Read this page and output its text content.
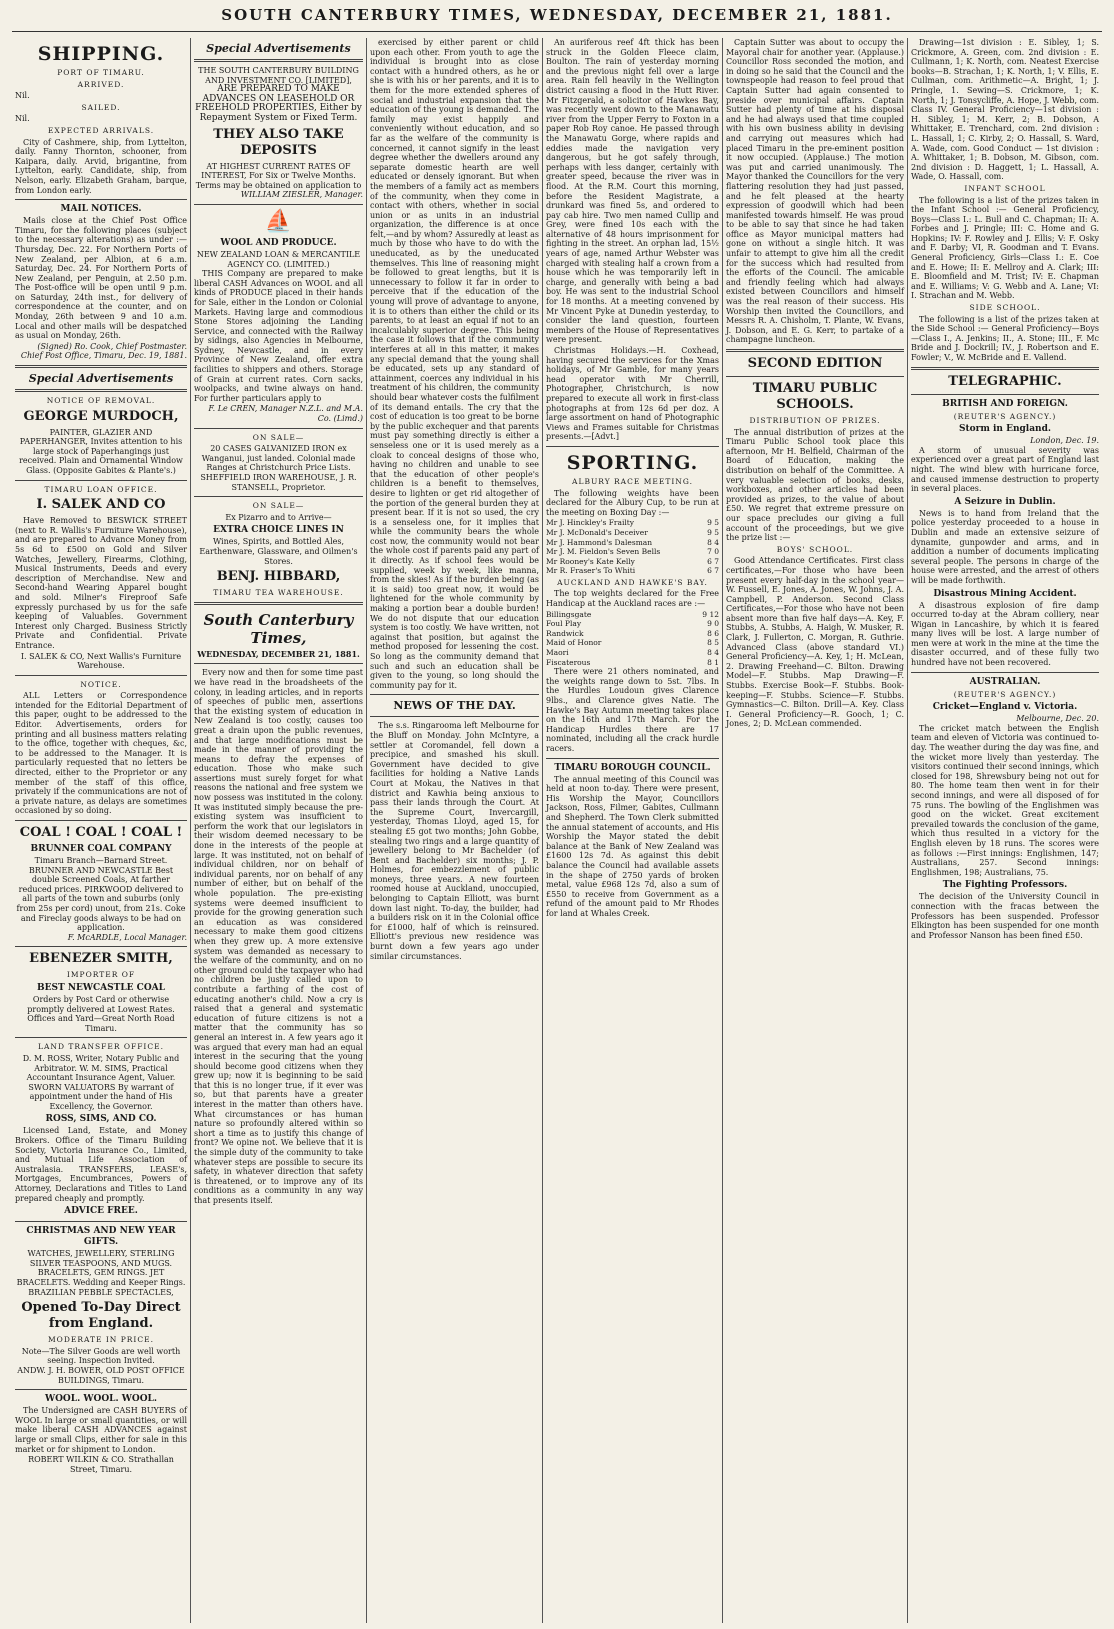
SOUTH CANTERBURY TIMES, WEDNESDAY, DECEMBER 21, 1881.
SHIPPING.
PORT OF TIMARU.
ARRIVED.
Nil.
SAILED.
Nil.
EXPECTED ARRIVALS.

City of Cashmere, ship, from Lyttelton, daily. Fanny Thornton, schooner, from Kaipara, daily. Arvid, brigantine, from Lyttelton, early. Candidate, ship, from Nelson, early. Elizabeth Graham, barque, from London early.

MAIL NOTICES.

Mails close at the Chief Post Office Timaru, for the following places (subject to the necessary alterations) as under :— Thursday, Dec. 22. For Northern Ports of New Zealand, per Albion, at 6 a.m. Saturday, Dec. 24. For Northern Ports of New Zealand, per Penguin, at 2.50 p.m. The Post-office will be open until 9 p.m. on Saturday, 24th inst., for delivery of correspondence at the counter, and on Monday, 26th between 9 and 10 a.m. Local and other mails will be despatched as usual on Monday, 26th.

(Signed) Ro. Cook, Chief Postmaster. Chief Post Office, Timaru, Dec. 19, 1881.
Special Advertisements
NOTICE OF REMOVAL.
GEORGE MURDOCH,
PAINTER, GLAZIER AND PAPERHANGER, Invites attention to his large stock of Paperhangings just received. Plain and Ornamental Window Glass. (Opposite Gabites & Plante's.)
TIMARU LOAN OFFICE.
I. SALEK AND CO

Have Removed to BESWICK STREET (next to R. Wallis's Furniture Warehouse), and are prepared to Advance Money from 5s 6d to £500 on Gold and Silver Watches, Jewellery, Firearms, Clothing, Musical Instruments, Deeds and every description of Merchandise. New and Second-hand Wearing Apparel bought and sold. Milner's Fireproof Safe expressly purchased by us for the safe keeping of Valuables. Government Interest only Charged. Business Strictly Private and Confidential. Private Entrance.

I. SALEK & CO, Next Wallis's Furniture Warehouse.
NOTICE.

ALL Letters or Correspondence intended for the Editorial Department of this paper, ought to be addressed to the Editor. Advertisements, orders for printing and all business matters relating to the office, together with cheques, &c, to be addressed to the Manager. It is particularly requested that no letters be directed, either to the Proprietor or any member of the staff of this office, privately if the communications are not of a private nature, as delays are sometimes occasioned by so doing.

COAL ! COAL ! COAL !
BRUNNER COAL COMPANY
Timaru Branch—Barnard Street. BRUNNER AND NEWCASTLE Best double Screened Coals, At farther reduced prices. PIRKWOOD delivered to all parts of the town and suburbs (only from 25s per cord) unout, from 21s. Coke and Fireclay goods always to be had on application.
F. McARDLE, Local Manager.
EBENEZER SMITH,
IMPORTER OF
BEST NEWCASTLE COAL
Orders by Post Card or otherwise promptly delivered at Lowest Rates. Offices and Yard—Great North Road Timaru.
LAND TRANSFER OFFICE.
D. M. ROSS, Writer, Notary Public and Arbitrator. W. M. SIMS, Practical Accountant Insurance Agent, Valuer. SWORN VALUATORS By warrant of appointment under the hand of His Excellency, the Governor.
ROSS, SIMS, AND CO.

Licensed Land, Estate, and Money Brokers. Office of the Timaru Building Society, Victoria Insurance Co., Limited, and Mutual Life Association of Australasia. TRANSFERS, LEASE's, Mortgages, Encumbrances, Powers of Attorney, Declarations and Titles to Land prepared cheaply and promptly.

ADVICE FREE.
CHRISTMAS AND NEW YEAR GIFTS.
WATCHES, JEWELLERY, STERLING SILVER TEASPOONS, AND MUGS. BRACELETS, GEM RINGS. JET BRACELETS. Wedding and Keeper Rings. BRAZILIAN PEBBLE SPECTACLES,
Opened To-Day Direct from England.
MODERATE IN PRICE.
Note—The Silver Goods are well worth seeing. Inspection Invited.
ANDW. J. H. BOWER, OLD POST OFFICE BUILDINGS, Timaru.
WOOL. WOOL. WOOL.

The Undersigned are CASH BUYERS of WOOL In large or small quantities, or will make liberal CASH ADVANCES against large or small Clips, either for sale in this market or for shipment to London.

ROBERT WILKIN & CO. Strathallan Street, Timaru.
Special Advertisements
THE SOUTH CANTERBURY BUILDING AND INVESTMENT CO. [LIMITED],
ARE PREPARED TO MAKE ADVANCES ON LEASEHOLD OR FREEHOLD PROPERTIES, Either by Repayment System or Fixed Term.
THEY ALSO TAKE DEPOSITS
AT HIGHEST CURRENT RATES OF INTEREST, For Six or Twelve Months. Terms may be obtained on application to
WILLIAM ZIESLER, Manager.
⛵
WOOL AND PRODUCE.
NEW ZEALAND LOAN & MERCANTILE AGENCY CO. (LIMITED.)

THIS Company are prepared to make liberal CASH Advances on WOOL and all kinds of PRODUCE placed in their hands for Sale, either in the London or Colonial Markets. Having large and commodious Stone Stores adjoining the Landing Service, and connected with the Railway by sidings, also Agencies in Melbourne, Sydney, Newcastle, and in every Province of New Zealand, offer extra facilities to shippers and others. Storage of Grain at current rates. Corn sacks, woolpacks, and twine always on hand. For further particulars apply to

F. Le CREN, Manager N.Z.L. and M.A. Co. (Limd.)
ON SALE—
20 CASES GALVANIZED IRON ex Wanganui, just landed. Colonial made Ranges at Christchurch Price Lists.
SHEFFIELD IRON WAREHOUSE, J. R. STANSELL, Proprietor.
ON SALE—
Ex Pizarro and to Arrive—
EXTRA CHOICE LINES IN
Wines, Spirits, and Bottled Ales, Earthenware, Glassware, and Oilmen's Stores.
BENJ. HIBBARD,
TIMARU TEA WAREHOUSE.
South Canterbury Times,
WEDNESDAY, DECEMBER 21, 1881.

Every now and then for some time past we have read in the broadsheets of the colony, in leading articles, and in reports of speeches of public men, assertions that the existing system of education in New Zealand is too costly, causes too great a drain upon the public revenues, and that large modifications must be made in the manner of providing the means to defray the expenses of education. Those who make such assertions must surely forget for what reasons the national and free system we now possess was instituted in the colony. It was instituted simply because the pre-existing system was insufficient to perform the work that our legislators in their wisdom deemed necessary to be done in the interests of the people at large. It was instituted, not on behalf of individual children, nor on behalf of individual parents, nor on behalf of any number of either, but on behalf of the whole population. The pre-existing systems were deemed insufficient to provide for the growing generation such an education as was considered necessary to make them good citizens when they grew up. A more extensive system was demanded as necessary to the welfare of the community, and on no other ground could the taxpayer who had no children be justly called upon to contribute a farthing of the cost of educating another's child. Now a cry is raised that a general and systematic education of future citizens is not a matter that the community has so general an interest in. A few years ago it was argued that every man had an equal interest in the securing that the young should become good citizens when they grew up; now it is beginning to be said that this is no longer true, if it ever was so, but that parents have a greater interest in the matter than others have. What circumstances or has human nature so profoundly altered within so short a time as to justify this change of front? We opine not. We believe that it is the simple duty of the community to take whatever steps are possible to secure its safety, in whatever direction that safety is threatened, or to improve any of its conditions as a community in any way that presents itself.

exercised by either parent or child upon each other. From youth to age the individual is brought into as close contact with a hundred others, as he or she is with his or her parents, and it is to them for the more extended spheres of social and industrial expansion that the education of the young is demanded. The family may exist happily and conveniently without education, and so far as the welfare of the community is concerned, it cannot signify in the least degree whether the dwellers around any separate domestic hearth are well educated or densely ignorant. But when the members of a family act as members of the community, when they come in contact with others, whether in social union or as units in an industrial organization, the difference is at once felt,—and by whom? Assuredly at least as much by those who have to do with the uneducated, as by the uneducated themselves. This line of reasoning might be followed to great lengths, but it is unnecessary to follow it far in order to perceive that if the education of the young will prove of advantage to anyone, it is to others than either the child or its parents, to at least an equal if not to an incalculably superior degree. This being the case it follows that if the community interferes at all in this matter, it makes any special demand that the young shall be educated, sets up any standard of attainment, coerces any individual in his treatment of his children, the community should bear whatever costs the fulfilment of its demand entails. The cry that the cost of education is too great to be borne by the public exchequer and that parents must pay something directly is either a senseless one or it is used merely as a cloak to conceal designs of those who, having no children and unable to see that the education of other people's children is a benefit to themselves, desire to lighten or get rid altogether of the portion of the general burden they at present bear. If it is not so used, the cry is a senseless one, for it implies that while the community bears the whole cost now, the community would not bear the whole cost if parents paid any part of it directly. As if school fees would be supplied, week by week, like manna, from the skies! As if the burden being (as it is said) too great now, it would be lightened for the whole community by making a portion bear a double burden! We do not dispute that our education system is too costly. We have written, not against that position, but against the method proposed for lessening the cost. So long as the community demand that such and such an education shall be given to the young, so long should the community pay for it.

NEWS OF THE DAY.

The s.s. Ringarooma left Melbourne for the Bluff on Monday. John McIntyre, a settler at Coromandel, fell down a precipice, and smashed his skull. Government have decided to give facilities for holding a Native Lands Court at Mokau, the Natives in that district and Kawhia being anxious to pass their lands through the Court. At the Supreme Court, Invercargill, yesterday, Thomas Lloyd, aged 15, for stealing £5 got two months; John Gobbe, stealing two rings and a large quantity of jewellery belong to Mr Bachelder (of Bent and Bachelder) six months; J. P. Holmes, for embezzlement of public moneys, three years. A new fourteen roomed house at Auckland, unoccupied, belonging to Captain Elliott, was burnt down last night. To-day, the builder, had a builders risk on it in the Colonial office for £1000, half of which is reinsured. Elliott's previous new residence was burnt down a few years ago under similar circumstances.

An auriferous reef 4ft thick has been struck in the Golden Fleece claim, Boulton. The rain of yesterday morning and the previous night fell over a large area. Rain fell heavily in the Wellington district causing a flood in the Hutt River. Mr Fitzgerald, a solicitor of Hawkes Bay, was recently went down to the Manawatu river from the Upper Ferry to Foxton in a paper Rob Roy canoe. He passed through the Manawatu Gorge, where rapids and eddies made the navigation very dangerous, but he got safely through, perhaps with less danger, certainly with greater speed, because the river was in flood. At the R.M. Court this morning, before the Resident Magistrate, a drunkard was fined 5s, and ordered to pay cab hire. Two men named Cullip and Grey, were fined 10s each with the alternative of 48 hours imprisonment for fighting in the street. An orphan lad, 15½ years of age, named Arthur Webster was charged with stealing half a crown from a house which he was temporarily left in charge, and generally with being a bad boy. He was sent to the industrial School for 18 months. At a meeting convened by Mr Vincent Pyke at Dunedin yesterday, to consider the land question, fourteen members of the House of Representatives were present.

Christmas Holidays.—H. Coxhead, having secured the services for the Xmas holidays, of Mr Gamble, for many years head operator with Mr Cherrill, Photographer, Christchurch, is now prepared to execute all work in first-class photographs at from 12s 6d per doz. A large assortment on hand of Photographic Views and Frames suitable for Christmas presents.—[Advt.]

SPORTING.
ALBURY RACE MEETING.

The following weights have been declared for the Albury Cup, to be run at the meeting on Boxing Day :—

Mr J. Hinckley's Frailty	9 5
Mr J. McDonald's Deceiver	9 5
Mr J. Hammond's Dalesman	8 4
Mr J. M. Fieldon's Seven Bells	7 0
Mr Rooney's Kate Kelly	6 7
Mr R. Fraser's To Whiti	6 7
AUCKLAND AND HAWKE'S BAY.

The top weights declared for the Free Handicap at the Auckland races are :—

Billingsgate	9 12
Foul Play	9 0
Randwick	8 6
Maid of Honor	8 5
Maori	8 4
Fiscaterous	8 1

There were 21 others nominated, and the weights range down to 5st. 7lbs. In the Hurdles Loudoun gives Clarence 9lbs., and Clarence gives Natie. The Hawke's Bay Autumn meeting takes place on the 16th and 17th March. For the Handicap Hurdles there are 17 nominated, including all the crack hurdle racers.

TIMARU BOROUGH COUNCIL.

The annual meeting of this Council was held at noon to-day. There were present, His Worship the Mayor, Councillors Jackson, Ross, Filmer, Gabites, Cullmann and Shepherd. The Town Clerk submitted the annual statement of accounts, and His Worship the Mayor stated the debit balance at the Bank of New Zealand was £1600 12s 7d. As against this debit balance the Council had available assets in the shape of 2750 yards of broken metal, value £968 12s 7d, also a sum of £550 to receive from Government as a refund of the amount paid to Mr Rhodes for land at Whales Creek.

Captain Sutter was about to occupy the Mayoral chair for another year. (Applause.) Councillor Ross seconded the motion, and in doing so he said that the Council and the townspeople had reason to feel proud that Captain Sutter had again consented to preside over municipal affairs. Captain Sutter had plenty of time at his disposal and he had always used that time coupled with his own business ability in devising and carrying out measures which had placed Timaru in the pre-eminent position it now occupied. (Applause.) The motion was put and carried unanimously. The Mayor thanked the Councillors for the very flattering resolution they had just passed, and he felt pleased at the hearty expression of goodwill which had been manifested towards himself. He was proud to be able to say that since he had taken office as Mayor municipal matters had gone on without a single hitch. It was unfair to attempt to give him all the credit for the success which had resulted from the efforts of the Council. The amicable and friendly feeling which had always existed between Councillors and himself was the real reason of their success. His Worship then invited the Councillors, and Messrs R. A. Chisholm, T. Plante, W. Evans, J. Dobson, and E. G. Kerr, to partake of a champagne luncheon.

SECOND EDITION
TIMARU PUBLIC SCHOOLS.
DISTRIBUTION OF PRIZES.

The annual distribution of prizes at the Timaru Public School took place this afternoon, Mr H. Belfield, Chairman of the Board of Education, making the distribution on behalf of the Committee. A very valuable selection of books, desks, workboxes, and other articles had been provided as prizes, to the value of about £50. We regret that extreme pressure on our space precludes our giving a full account of the proceedings, but we give the prize list :—

BOYS' SCHOOL.

Good Attendance Certificates. First class certificates,—For those who have been present every half-day in the school year—W. Fussell, E. Jones, A. Jones, W. Johns, J. A. Campbell, P. Anderson. Second Class Certificates,—For those who have not been absent more than five half days—A. Key, F. Stubbs, A. Stubbs, A. Haigh, W. Musker, R. Clark, J. Fullerton, C. Morgan, R. Guthrie. Advanced Class (above standard VI.) General Proficiency—A. Key, 1; H. McLean, 2. Drawing Freehand—C. Bilton. Drawing Model—F. Stubbs. Map Drawing—F. Stubbs. Exercise Book—F. Stubbs. Book-keeping—F. Stubbs. Science—F. Stubbs. Gymnastics—C. Bilton. Drill—A. Key. Class I. General Proficiency—R. Gooch, 1; C. Jones, 2; D. McLean commended.

Drawing—1st division : E. Sibley, 1; S. Crickmore, A. Green, com. 2nd division : E. Cullmann, 1; K. North, com. Neatest Exercise books—B. Strachan, 1; K. North, 1; V. Ellis, E. Cullman, com. Arithmetic—A. Bright, 1; J. Pringle, 1. Sewing—S. Crickmore, 1; K. North, 1; J. Tonsycliffe, A. Hope, J. Webb, com. Class IV. General Proficiency—1st division : H. Sibley, 1; M. Kerr, 2; B. Dobson, A Whittaker, E. Trenchard, com. 2nd division : L. Hassall, 1; C. Kirby, 2; O. Hassall, S. Ward, A. Wade, com. Good Conduct — 1st division : A. Whittaker, 1; B. Dobson, M. Gibson, com. 2nd division : D. Haggett, 1; L. Hassall, A. Wade, O. Hassall, com.

INFANT SCHOOL

The following is a list of the prizes taken in the Infant School :— General Proficiency, Boys—Class I.: L. Bull and C. Chapman; II: A. Forbes and J. Pringle; III: C. Home and G. Hopkins; IV: F. Rowley and J. Ellis; V: F. Osky and F. Darby; VI, R. Goodman and T. Evans. General Proficiency, Girls—Class I.: E. Coe and E. Howe; II: E. Mellroy and A. Clark; III: E. Bloomfield and M. Trist; IV: E. Chapman and E. Williams; V: G. Webb and A. Lane; VI: I. Strachan and M. Webb.

SIDE SCHOOL.

The following is a list of the prizes taken at the Side School :— General Proficiency—Boys—Class I., A. Jenkins; II., A. Stone; III., F. Mc Bride and J. Dockrill; IV., J. Robertson and E. Fowler; V., W. McBride and E. Vallend.

TELEGRAPHIC.
BRITISH AND FOREIGN.
(REUTER'S AGENCY.)
Storm in England.
London, Dec. 19.

A storm of unusual severity was experienced over a great part of England last night. The wind blew with hurricane force, and caused immense destruction to property in several places.

A Seizure in Dublin.

News is to hand from Ireland that the police yesterday proceeded to a house in Dublin and made an extensive seizure of dynamite, gunpowder and arms, and in addition a number of documents implicating several people. The persons in charge of the house were arrested, and the arrest of others will be made forthwith.

Disastrous Mining Accident.

A disastrous explosion of fire damp occurred to-day at the Abram colliery, near Wigan in Lancashire, by which it is feared many lives will be lost. A large number of men were at work in the mine at the time the disaster occurred, and of these fully two hundred have not been recovered.

AUSTRALIAN.
(REUTER'S AGENCY.)
Cricket—England v. Victoria.
Melbourne, Dec. 20.

The cricket match between the English team and eleven of Victoria was continued to-day. The weather during the day was fine, and the wicket more lively than yesterday. The visitors continued their second innings, which closed for 198, Shrewsbury being not out for 80. The home team then went in for their second innings, and were all disposed of for 75 runs. The bowling of the Englishmen was good on the wicket. Great excitement prevailed towards the conclusion of the game, which thus resulted in a victory for the English eleven by 18 runs. The scores were as follows :—First innings: Englishmen, 147; Australians, 257. Second innings: Englishmen, 198; Australians, 75.

The Fighting Professors.

The decision of the University Council in connection with the fracas between the Professors has been suspended. Professor Elkington has been suspended for one month and Professor Nanson has been fined £50.
